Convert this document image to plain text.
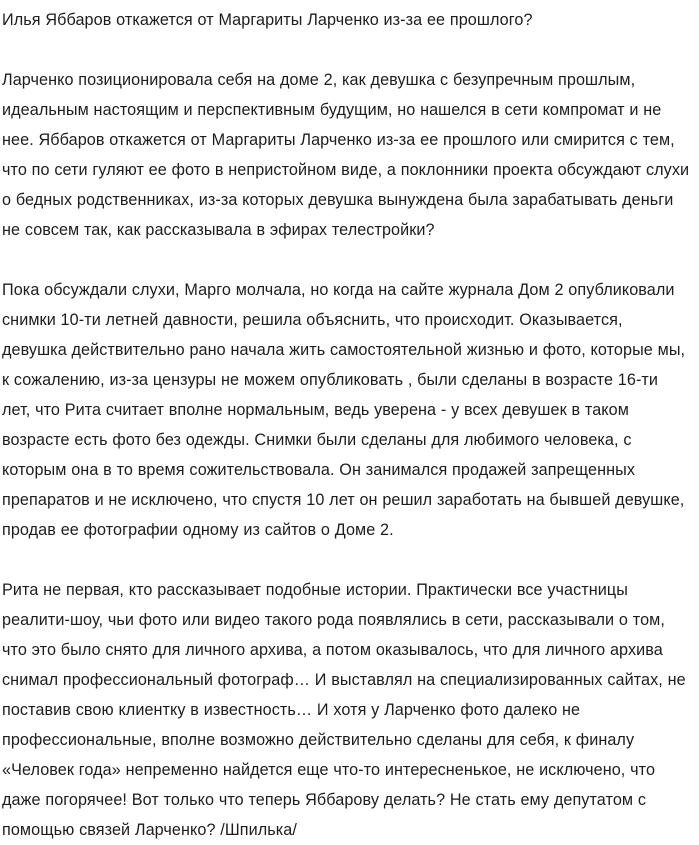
Илья Яббаров откажется от Маргариты Ларченко из-за ее прошлого?

Ларченко позиционировала себя на доме 2, как девушка с безупречным прошлым, идеальным настоящим и перспективным будущим, но нашелся в сети компромат и не нее. Яббаров откажется от Маргариты Ларченко из-за ее прошлого или смирится с тем, что по сети гуляют ее фото в непристойном виде, а поклонники проекта обсуждают слухи о бедных родственниках, из-за которых девушка вынуждена была зарабатывать деньги не совсем так, как рассказывала в эфирах телестройки?

Пока обсуждали слухи, Марго молчала, но когда на сайте журнала Дом 2 опубликовали снимки 10-ти летней давности, решила объяснить, что происходит. Оказывается, девушка действительно рано начала жить самостоятельной жизнью и фото, которые мы, к сожалению, из-за цензуры не можем опубликовать , были сделаны в возрасте 16-ти лет, что Рита считает вполне нормальным, ведь уверена - у всех девушек в таком возрасте есть фото без одежды. Снимки были сделаны для любимого человека, с которым она в то время сожительствовала. Он занимался продажей запрещенных препаратов и не исключено, что спустя 10 лет он решил заработать на бывшей девушке, продав ее фотографии одному из сайтов о Доме 2.

Рита не первая, кто рассказывает подобные истории. Практически все участницы реалити-шоу, чьи фото или видео такого рода появлялись в сети, рассказывали о том, что это было снято для личного архива, а потом оказывалось, что для личного архива снимал профессиональный фотограф… И выставлял на специализированных сайтах, не поставив свою клиентку в известность… И хотя у Ларченко фото далеко не профессиональные, вполне возможно действительно сделаны для себя, к финалу «Человек года» непременно найдется еще что-то интересненькое, не исключено, что даже погорячее! Вот только что теперь Яббарову делать? Не стать ему депутатом с помощью связей Ларченко? /Шпилька/
